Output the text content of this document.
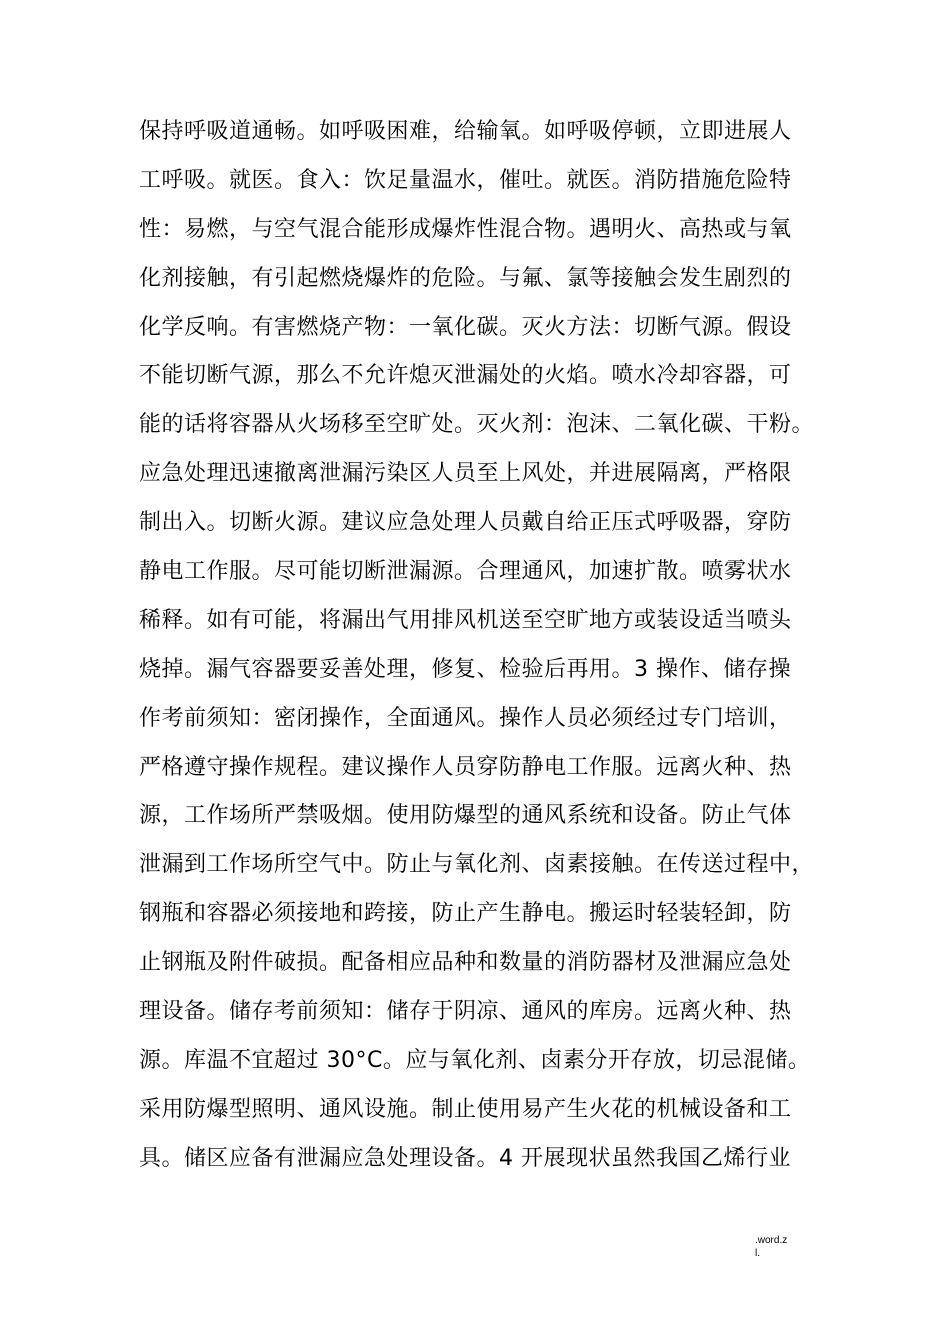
保持呼吸道通畅。如呼吸困难，给输氧。如呼吸停顿，立即进展人
工呼吸。就医。食入：饮足量温水，催吐。就医。消防措施危险特
性：易燃，与空气混合能形成爆炸性混合物。遇明火、高热或与氧
化剂接触，有引起燃烧爆炸的危险。与氟、氯等接触会发生剧烈的
化学反响。有害燃烧产物：一氧化碳。灭火方法：切断气源。假设
不能切断气源，那么不允许熄灭泄漏处的火焰。喷水冷却容器，可
能的话将容器从火场移至空旷处。灭火剂：泡沫、二氧化碳、干粉。
应急处理迅速撤离泄漏污染区人员至上风处，并进展隔离，严格限
制出入。切断火源。建议应急处理人员戴自给正压式呼吸器，穿防
静电工作服。尽可能切断泄漏源。合理通风，加速扩散。喷雾状水
稀释。如有可能，将漏出气用排风机送至空旷地方或装设适当喷头
烧掉。漏气容器要妥善处理，修复、检验后再用。3 操作、储存操
作考前须知：密闭操作，全面通风。操作人员必须经过专门培训，
严格遵守操作规程。建议操作人员穿防静电工作服。远离火种、热
源，工作场所严禁吸烟。使用防爆型的通风系统和设备。防止气体
泄漏到工作场所空气中。防止与氧化剂、卤素接触。在传送过程中，
钢瓶和容器必须接地和跨接，防止产生静电。搬运时轻装轻卸，防
止钢瓶及附件破损。配备相应品种和数量的消防器材及泄漏应急处
理设备。储存考前须知：储存于阴凉、通风的库房。远离火种、热
源。库温不宜超过 30°C。应与氧化剂、卤素分开存放，切忌混储。
采用防爆型照明、通风设施。制止使用易产生火花的机械设备和工
具。储区应备有泄漏应急处理设备。4 开展现状虽然我国乙烯行业
.word.z
l.
